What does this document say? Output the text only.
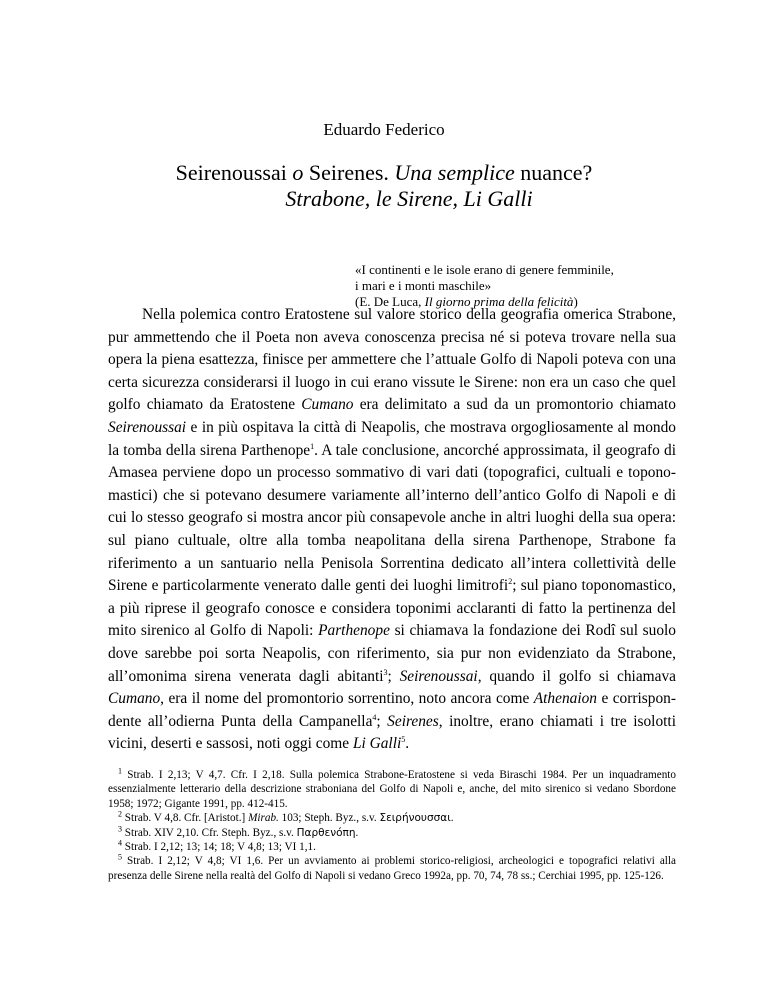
Eduardo Federico
Seirenoussai o Seirenes. Una semplice nuance?
Strabone, le Sirene, Li Galli
«I continenti e le isole erano di genere femminile,
i mari e i monti maschile»
(E. De Luca, Il giorno prima della felicità)

Nella polemica contro Eratostene sul valore storico della geografia omerica Strabone, pur ammettendo che il Poeta non aveva conoscenza precisa né si poteva trovare nella sua opera la piena esattezza, finisce per ammettere che l’attuale Golfo di Napoli poteva con una certa sicurezza considerarsi il luogo in cui erano vissute le Sirene: non era un caso che quel golfo chiamato da Eratostene Cumano era delimitato a sud da un promontorio chiamato Seirenoussai e in più ospitava la città di Neapolis, che mostrava orgogliosamente al mondo la tomba della sirena Parthenope$^1$. A tale conclusione, ancorché approssimata, il geografo di Amasea perviene dopo un processo sommativo di vari dati (topografici, cultuali e toponomastici) che si potevano desumere variamente all’interno dell’antico Golfo di Napoli e di cui lo stesso geografo si mostra ancor più consapevole anche in altri luoghi della sua opera: sul piano cultuale, oltre alla tomba neapolitana della sirena Parthenope, Strabone fa riferimento a un santuario nella Penisola Sorrentina dedicato all’intera collettività delle Sirene e particolarmente venerato dalle genti dei luoghi limitrofi$^2$; sul piano toponomastico, a più riprese il geografo conosce e considera toponimi acclaranti di fatto la pertinenza del mito sirenico al Golfo di Napoli: Parthenope si chiamava la fondazione dei Rodî sul suolo dove sarebbe poi sorta Neapolis, con riferimento, sia pur non evidenziato da Strabone, all’omonima sirena venerata dagli abitanti$^3$; Seirenoussai, quando il golfo si chiamava Cumano, era il nome del promontorio sorrentino, noto ancora come Athenaion e corrispondente all’odierna Punta della Campanella$^4$; Seirenes, inoltre, erano chiamati i tre isolotti vicini, deserti e sassosi, noti oggi come Li Galli$^5$.

$^1$ Strab. I 2,13; V 4,7. Cfr. I 2,18. Sulla polemica Strabone-Eratostene si veda Biraschi 1984. Per un inquadramento essenzialmente letterario della descrizione straboniana del Golfo di Napoli e, anche, del mito sirenico si vedano Sbordone 1958; 1972; Gigante 1991, pp. 412-415.

$^2$ Strab. V 4,8. Cfr. [Aristot.] Mirab. 103; Steph. Byz., s.v. Σειρήνουσσαι.

$^3$ Strab. XIV 2,10. Cfr. Steph. Byz., s.v. Παρθενόπη.

$^4$ Strab. I 2,12; 13; 14; 18; V 4,8; 13; VI 1,1.

$^5$ Strab. I 2,12; V 4,8; VI 1,6. Per un avviamento ai problemi storico-religiosi, archeologici e topografici relativi alla presenza delle Sirene nella realtà del Golfo di Napoli si vedano Greco 1992a, pp. 70, 74, 78 ss.; Cerchiai 1995, pp. 125-126.
